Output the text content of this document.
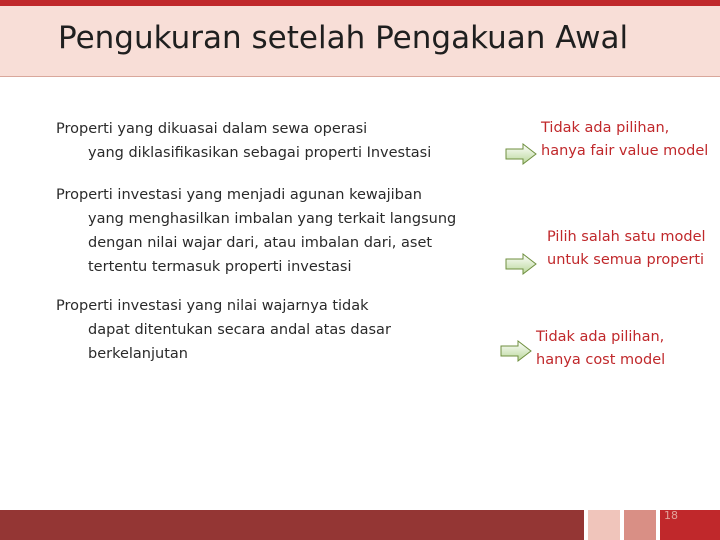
Pengukuran setelah Pengakuan Awal
Properti yang dikuasai dalam sewa operasi
yang diklasifikasikan sebagai properti Investasi
Tidak ada pilihan,
hanya fair value model
Properti investasi yang menjadi agunan kewajiban
yang menghasilkan imbalan yang terkait langsung
dengan nilai wajar dari, atau imbalan dari, aset
tertentu termasuk properti investasi
Pilih salah satu model
untuk semua properti
Properti investasi yang nilai wajarnya tidak
dapat ditentukan secara andal atas dasar
berkelanjutan
Tidak ada pilihan,
hanya cost model
18
